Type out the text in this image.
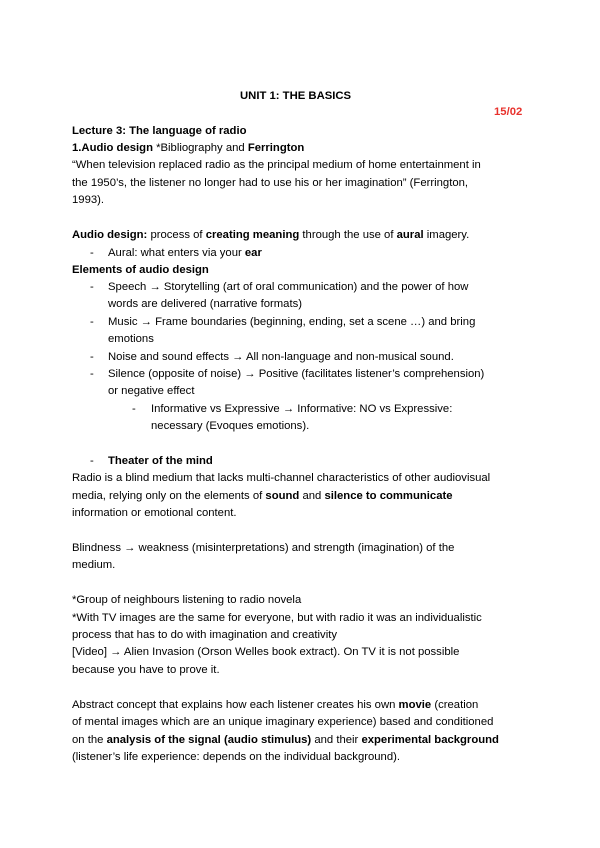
UNIT 1: THE BASICS
15/02
Lecture 3: The language of radio
1.Audio design *Bibliography and Ferrington
“When television replaced radio as the principal medium of home entertainment in
the 1950’s, the listener no longer had to use his or her imagination” (Ferrington,
1993).
Audio design: process of creating meaning through the use of aural imagery.
- Aural: what enters via your ear
Elements of audio design
- Speech → Storytelling (art of oral communication) and the power of how
words are delivered (narrative formats)
- Music → Frame boundaries (beginning, ending, set a scene …) and bring
emotions
- Noise and sound effects → All non-language and non-musical sound.
- Silence (opposite of noise) → Positive (facilitates listener’s comprehension)
or negative effect
- Informative vs Expressive → Informative: NO vs Expressive:
necessary (Evoques emotions).
- Theater of the mind
Radio is a blind medium that lacks multi-channel characteristics of other audiovisual
media, relying only on the elements of sound and silence to communicate
information or emotional content.
Blindness → weakness (misinterpretations) and strength (imagination) of the
medium.
*Group of neighbours listening to radio novela
*With TV images are the same for everyone, but with radio it was an individualistic
process that has to do with imagination and creativity
[Video] → Alien Invasion (Orson Welles book extract). On TV it is not possible
because you have to prove it.
Abstract concept that explains how each listener creates his own movie (creation
of mental images which are an unique imaginary experience) based and conditioned
on the analysis of the signal (audio stimulus) and their experimental background
(listener’s life experience: depends on the individual background).
